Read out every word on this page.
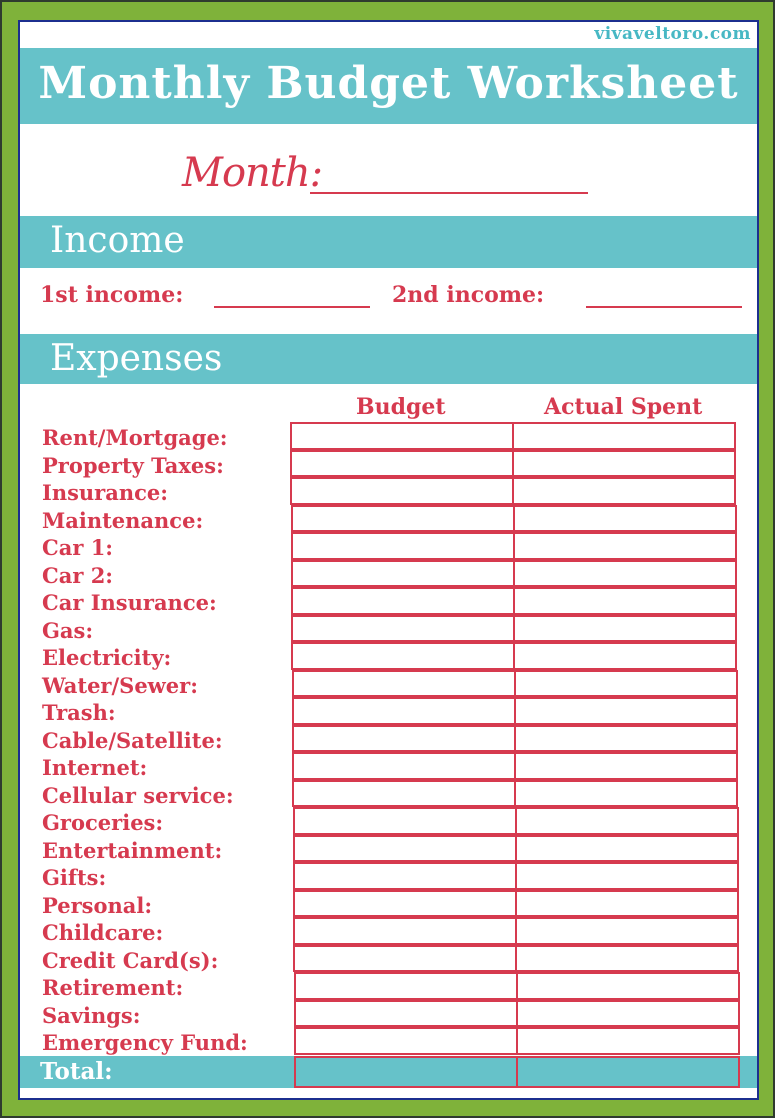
vivaveltoro.com
Monthly Budget Worksheet
Month:
Income
1st income:	2nd income:
Expenses
Budget	Actual Spent
Rent/Mortgage:
Property Taxes:
Insurance:
Maintenance:
Car 1:
Car 2:
Car Insurance:
Gas:
Electricity:
Water/Sewer:
Trash:
Cable/Satellite:
Internet:
Cellular service:
Groceries:
Entertainment:
Gifts:
Personal:
Childcare:
Credit Card(s):
Retirement:
Savings:
Emergency Fund:
Total:
